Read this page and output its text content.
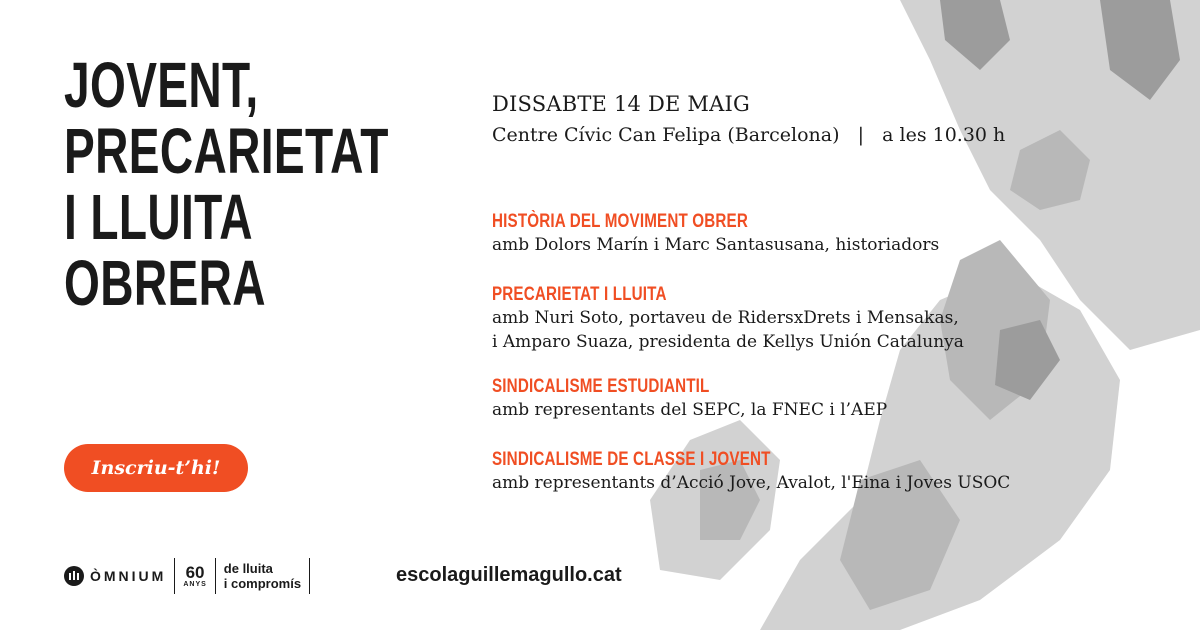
JOVENT,
PRECARIETAT
I LLUITA
OBRERA
Inscriu-t’hi!
DISSABTE 14 DE MAIG
Centre Cívic Can Felipa (Barcelona)   |   a les 10.30 h
HISTÒRIA DEL MOVIMENT OBRER
amb Dolors Marín i Marc Santasusana, historiadors
PRECARIETAT I LLUITA
amb Nuri Soto, portaveu de RidersxDrets i Mensakas,
i Amparo Suaza, presidenta de Kellys Unión Catalunya
SINDICALISME ESTUDIANTIL
amb representants del SEPC, la FNEC i l’AEP
SINDICALISME DE CLASSE I JOVENT
amb representants d’Acció Jove, Avalot, l'Eina i Joves USOC
ÒMNIUM 60
ANYS
de lluita
i compromís	escolaguillemagullo.cat
